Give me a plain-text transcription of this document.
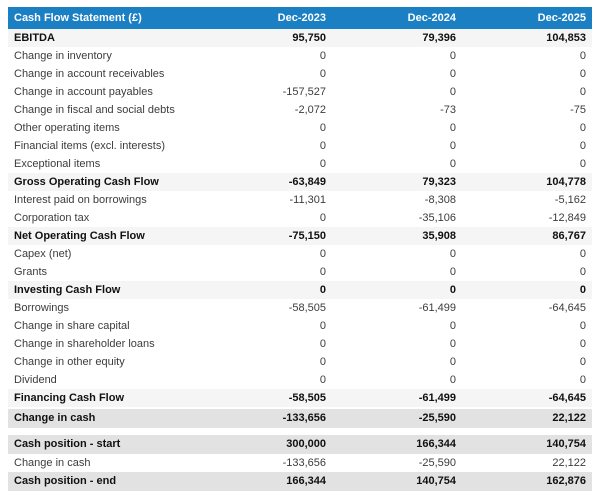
Cash Flow Statement (£)	Dec-2023	Dec-2024	Dec-2025
EBITDA	95,750	79,396	104,853
Change in inventory	0	0	0
Change in account receivables	0	0	0
Change in account payables	-157,527	0	0
Change in fiscal and social debts	-2,072	-73	-75
Other operating items	0	0	0
Financial items (excl. interests)	0	0	0
Exceptional items	0	0	0
Gross Operating Cash Flow	-63,849	79,323	104,778
Interest paid on borrowings	-11,301	-8,308	-5,162
Corporation tax	0	-35,106	-12,849
Net Operating Cash Flow	-75,150	35,908	86,767
Capex (net)	0	0	0
Grants	0	0	0
Investing Cash Flow	0	0	0
Borrowings	-58,505	-61,499	-64,645
Change in share capital	0	0	0
Change in shareholder loans	0	0	0
Change in other equity	0	0	0
Dividend	0	0	0
Financing Cash Flow	-58,505	-61,499	-64,645
Change in cash	-133,656	-25,590	22,122
Cash position - start	300,000	166,344	140,754
Change in cash	-133,656	-25,590	22,122
Cash position - end	166,344	140,754	162,876
